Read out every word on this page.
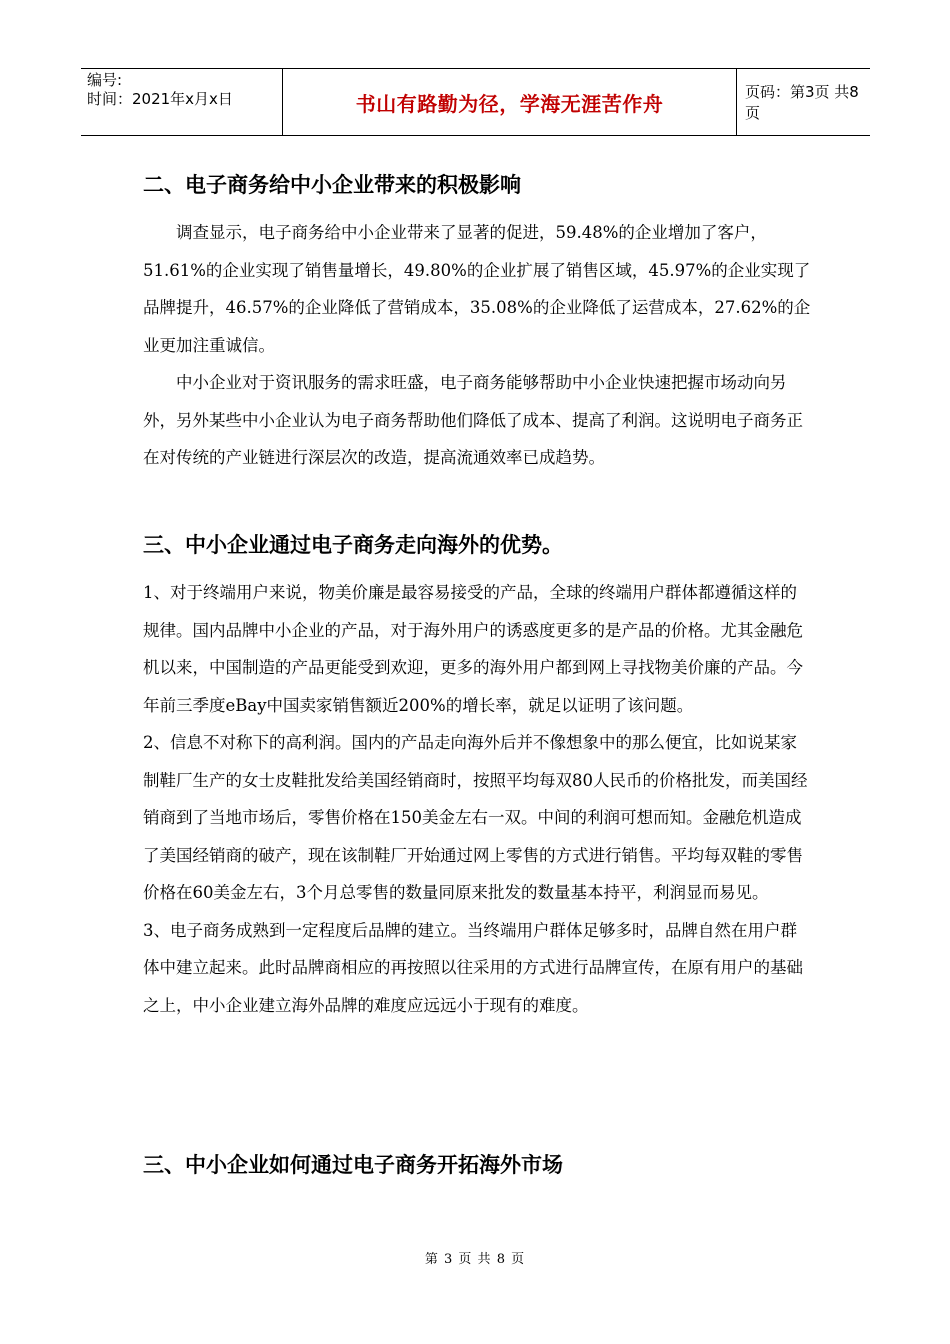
编号:
时间：2021年x月x日	书山有路勤为径，学海无涯苦作舟	页码：第3页 共8页
二、电子商务给中小企业带来的积极影响

调查显示，电子商务给中小企业带来了显著的促进，59.48%的企业增加了客户，51.61%的企业实现了销售量增长，49.80%的企业扩展了销售区域，45.97%的企业实现了品牌提升，46.57%的企业降低了营销成本，35.08%的企业降低了运营成本，27.62%的企业更加注重诚信。

中小企业对于资讯服务的需求旺盛，电子商务能够帮助中小企业快速把握市场动向另外，另外某些中小企业认为电子商务帮助他们降低了成本、提高了利润。这说明电子商务正在对传统的产业链进行深层次的改造，提高流通效率已成趋势。

三、中小企业通过电子商务走向海外的优势。

1、对于终端用户来说，物美价廉是最容易接受的产品，全球的终端用户群体都遵循这样的规律。国内品牌中小企业的产品，对于海外用户的诱惑度更多的是产品的价格。尤其金融危机以来，中国制造的产品更能受到欢迎，更多的海外用户都到网上寻找物美价廉的产品。今年前三季度eBay中国卖家销售额近200%的增长率，就足以证明了该问题。

2、信息不对称下的高利润。国内的产品走向海外后并不像想象中的那么便宜，比如说某家制鞋厂生产的女士皮鞋批发给美国经销商时，按照平均每双80人民币的价格批发，而美国经销商到了当地市场后，零售价格在150美金左右一双。中间的利润可想而知。金融危机造成了美国经销商的破产，现在该制鞋厂开始通过网上零售的方式进行销售。平均每双鞋的零售价格在60美金左右，3个月总零售的数量同原来批发的数量基本持平，利润显而易见。

3、电子商务成熟到一定程度后品牌的建立。当终端用户群体足够多时，品牌自然在用户群体中建立起来。此时品牌商相应的再按照以往采用的方式进行品牌宣传，在原有用户的基础之上，中小企业建立海外品牌的难度应远远小于现有的难度。

三、中小企业如何通过电子商务开拓海外市场
第 3 页 共 8 页
